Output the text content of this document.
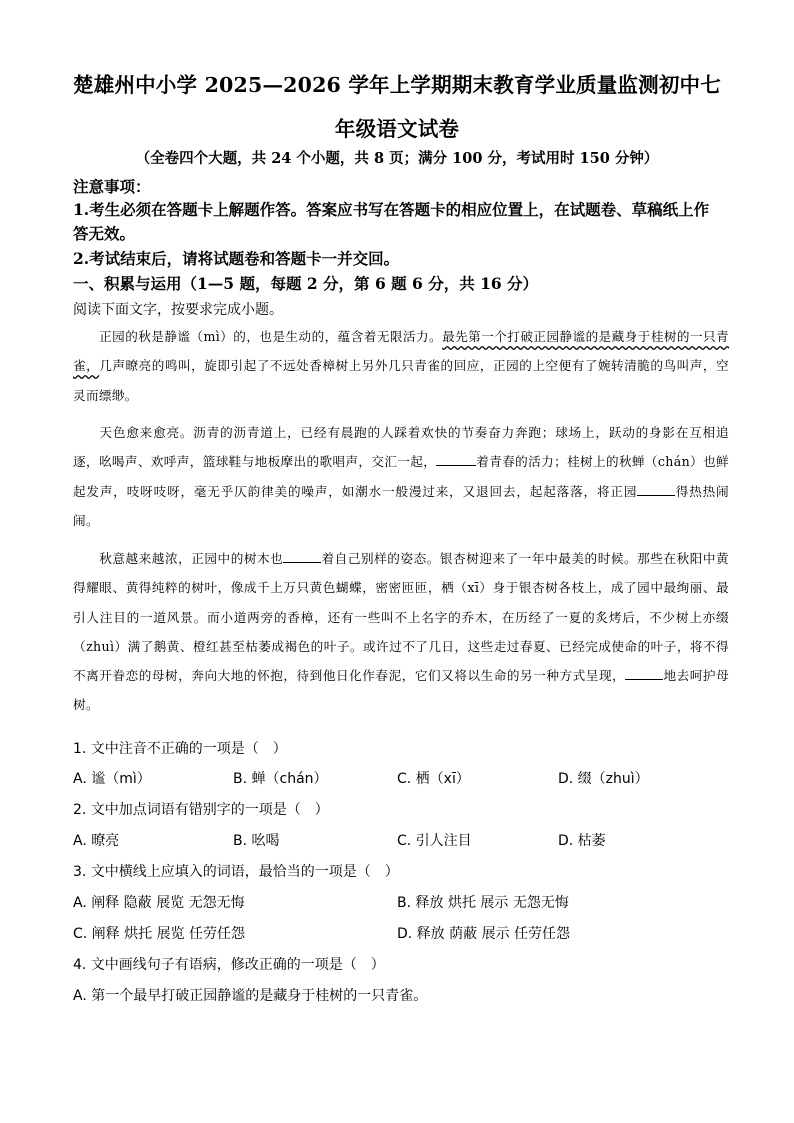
楚雄州中小学 2025—2026 学年上学期期末教育学业质量监测初中七
年级语文试卷
（全卷四个大题，共 24 个小题，共 8 页；满分 100 分，考试用时 150 分钟）
注意事项：
1.考生必须在答题卡上解题作答。答案应书写在答题卡的相应位置上，在试题卷、草稿纸上作
答无效。
2.考试结束后，请将试题卷和答题卡一并交回。
一、积累与运用（1—5 题，每题 2 分，第 6 题 6 分，共 16 分）
阅读下面文字，按要求完成小题。
正园的秋是静谧（mì）的，也是生动的，蕴含着无限活力。最先第一个打破正园静谧的是藏身于桂树的一只青雀，几声暸亮的鸣叫，旋即引起了不远处香樟树上另外几只青雀的回应，正园的上空便有了婉转清脆的鸟叫声，空灵而缥缈。
天色愈来愈亮。沥青的沥青道上，已经有晨跑的人踩着欢快的节奏奋力奔跑；球场上，跃动的身影在互相追逐，吆喝声、欢呼声，篮球鞋与地板摩出的歌唱声，交汇一起，	着青春的活力；桂树上的秋蝉（chán）也鲜起发声，吱呀吱呀，毫无乎仄韵律美的噪声，如潮水一般漫过来，又退回去，起起落落，将正园	得热热闹闹。
秋意越来越浓，正园中的树木也	着自己别样的姿态。银杏树迎来了一年中最美的时候。那些在秋阳中黄得耀眼、黄得纯粹的树叶，像成千上万只黄色蝴蝶，密密匝匝，栖（xī）身于银杏树各枝上，成了园中最绚丽、最引人注目的一道风景。而小道两旁的香樟，还有一些叫不上名字的乔木，在历经了一夏的炙烤后，不少树上亦缀（zhuì）满了鹅黄、橙红甚至枯萎成褐色的叶子。或许过不了几日，这些走过春夏、已经完成使命的叶子，将不得不离开眷恋的母树，奔向大地的怀抱，待到他日化作春泥，它们又将以生命的另一种方式呈现，	地去呵护母树。
1. 文中注音不正确的一项是（　）
A. 谧（mì）	B. 蝉（chán）	C. 栖（xī）	D. 缀（zhuì）
2. 文中加点词语有错别字的一项是（　）
A. 暸亮	B. 吆喝	C. 引人注目	D. 枯萎
3. 文中横线上应填入的词语，最恰当的一项是（　）
A. 阐释 隐蔽 展览 无怨无悔	B. 释放 烘托 展示 无怨无悔
C. 阐释 烘托 展览 任劳任怨	D. 释放 荫蔽 展示 任劳任怨
4. 文中画线句子有语病，修改正确的一项是（　）
A. 第一个最早打破正园静谧的是藏身于桂树的一只青雀。
